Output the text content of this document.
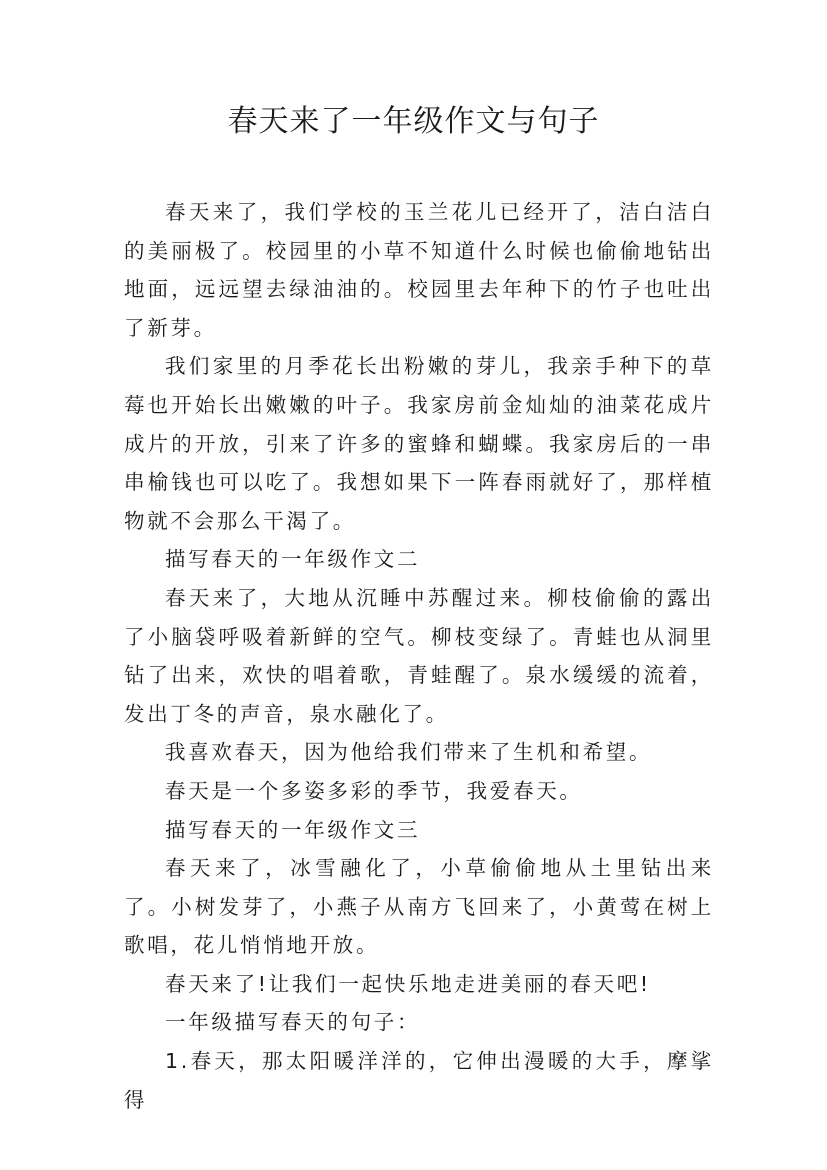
春天来了一年级作文与句子

春天来了，我们学校的玉兰花儿已经开了，洁白洁白的美丽极了。校园里的小草不知道什么时候也偷偷地钻出地面，远远望去绿油油的。校园里去年种下的竹子也吐出了新芽。

我们家里的月季花长出粉嫩的芽儿，我亲手种下的草莓也开始长出嫩嫩的叶子。我家房前金灿灿的油菜花成片成片的开放，引来了许多的蜜蜂和蝴蝶。我家房后的一串串榆钱也可以吃了。我想如果下一阵春雨就好了，那样植物就不会那么干渴了。

描写春天的一年级作文二

春天来了，大地从沉睡中苏醒过来。柳枝偷偷的露出了小脑袋呼吸着新鲜的空气。柳枝变绿了。青蛙也从洞里钻了出来，欢快的唱着歌，青蛙醒了。泉水缓缓的流着，发出丁冬的声音，泉水融化了。

我喜欢春天，因为他给我们带来了生机和希望。

春天是一个多姿多彩的季节，我爱春天。

描写春天的一年级作文三

春天来了，冰雪融化了，小草偷偷地从土里钻出来了。小树发芽了，小燕子从南方飞回来了，小黄莺在树上歌唱，花儿悄悄地开放。

春天来了!让我们一起快乐地走进美丽的春天吧!

一年级描写春天的句子：

1.春天，那太阳暖洋洋的，它伸出漫暖的大手，摩挲得
